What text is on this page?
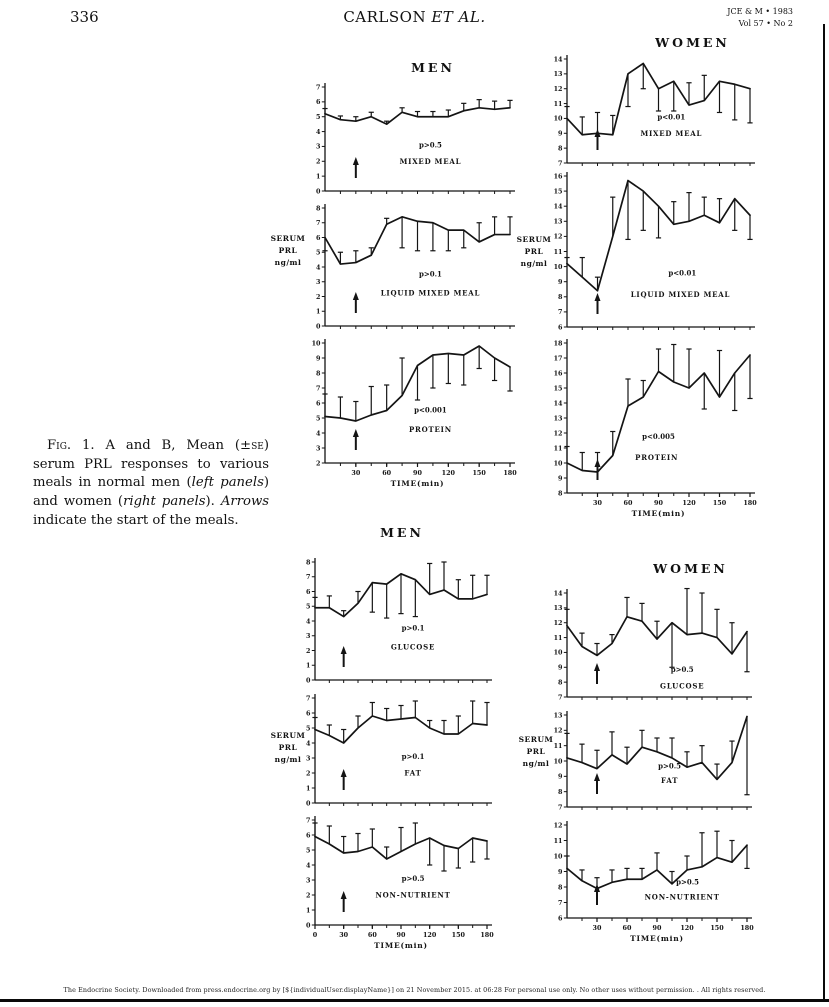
336	CARLSON ET AL.	JCE & M • 1983
Vol 57 • No 2
MEN
WOMEN
MEN
WOMEN
SERUM
PRL
ng/ml
SERUM
PRL
ng/ml
SERUM
PRL
ng/ml
SERUM
PRL
ng/ml

Fig. 1. A and B, Mean (±se) serum PRL responses to various meals in normal men (left panels) and women (right panels). Arrows indicate the start of the meals.

0
1
2
3
4
5
6
7
p>0.5
MIXED MEAL
0
1
2
3
4
5
6
7
8
p>0.1
LIQUID MIXED MEAL
2
3
4
5
6
7
8
9
10
30	60	90	120	150	180
TIME(min)
p<0.001
PROTEIN
7
8
9
10
11
12
13
14
p<0.01
MIXED MEAL
6
7
8
9
10
11
12
13
14
15
16
p<0.01
LIQUID MIXED MEAL
8
9
10
11
12
13
14
15
16
17
18
30	60	90	120	150	180
TIME(min)
p<0.005
PROTEIN
0
1
2
3
4
5
6
7
8
p>0.1
GLUCOSE
0
1
2
3
4
5
6
7
p>0.1
FAT
0
1
2
3
4
5
6
7
0	30	60	90	120 150 180
TIME(min)
p>0.5
NON-NUTRIENT
7
8
9
10
11
12
13
14
p>0.5
GLUCOSE
7
8
9
10
11
12
13
p>0.5
FAT
6
7
8
9
10
11
12
30	60	90	120	150	180
TIME(min)
p>0.5
NON-NUTRIENT
The Endocrine Society. Downloaded from press.endocrine.org by [${individualUser.displayName}] on 21 November 2015. at 06:28 For personal use only. No other uses without permission. . All rights reserved.
